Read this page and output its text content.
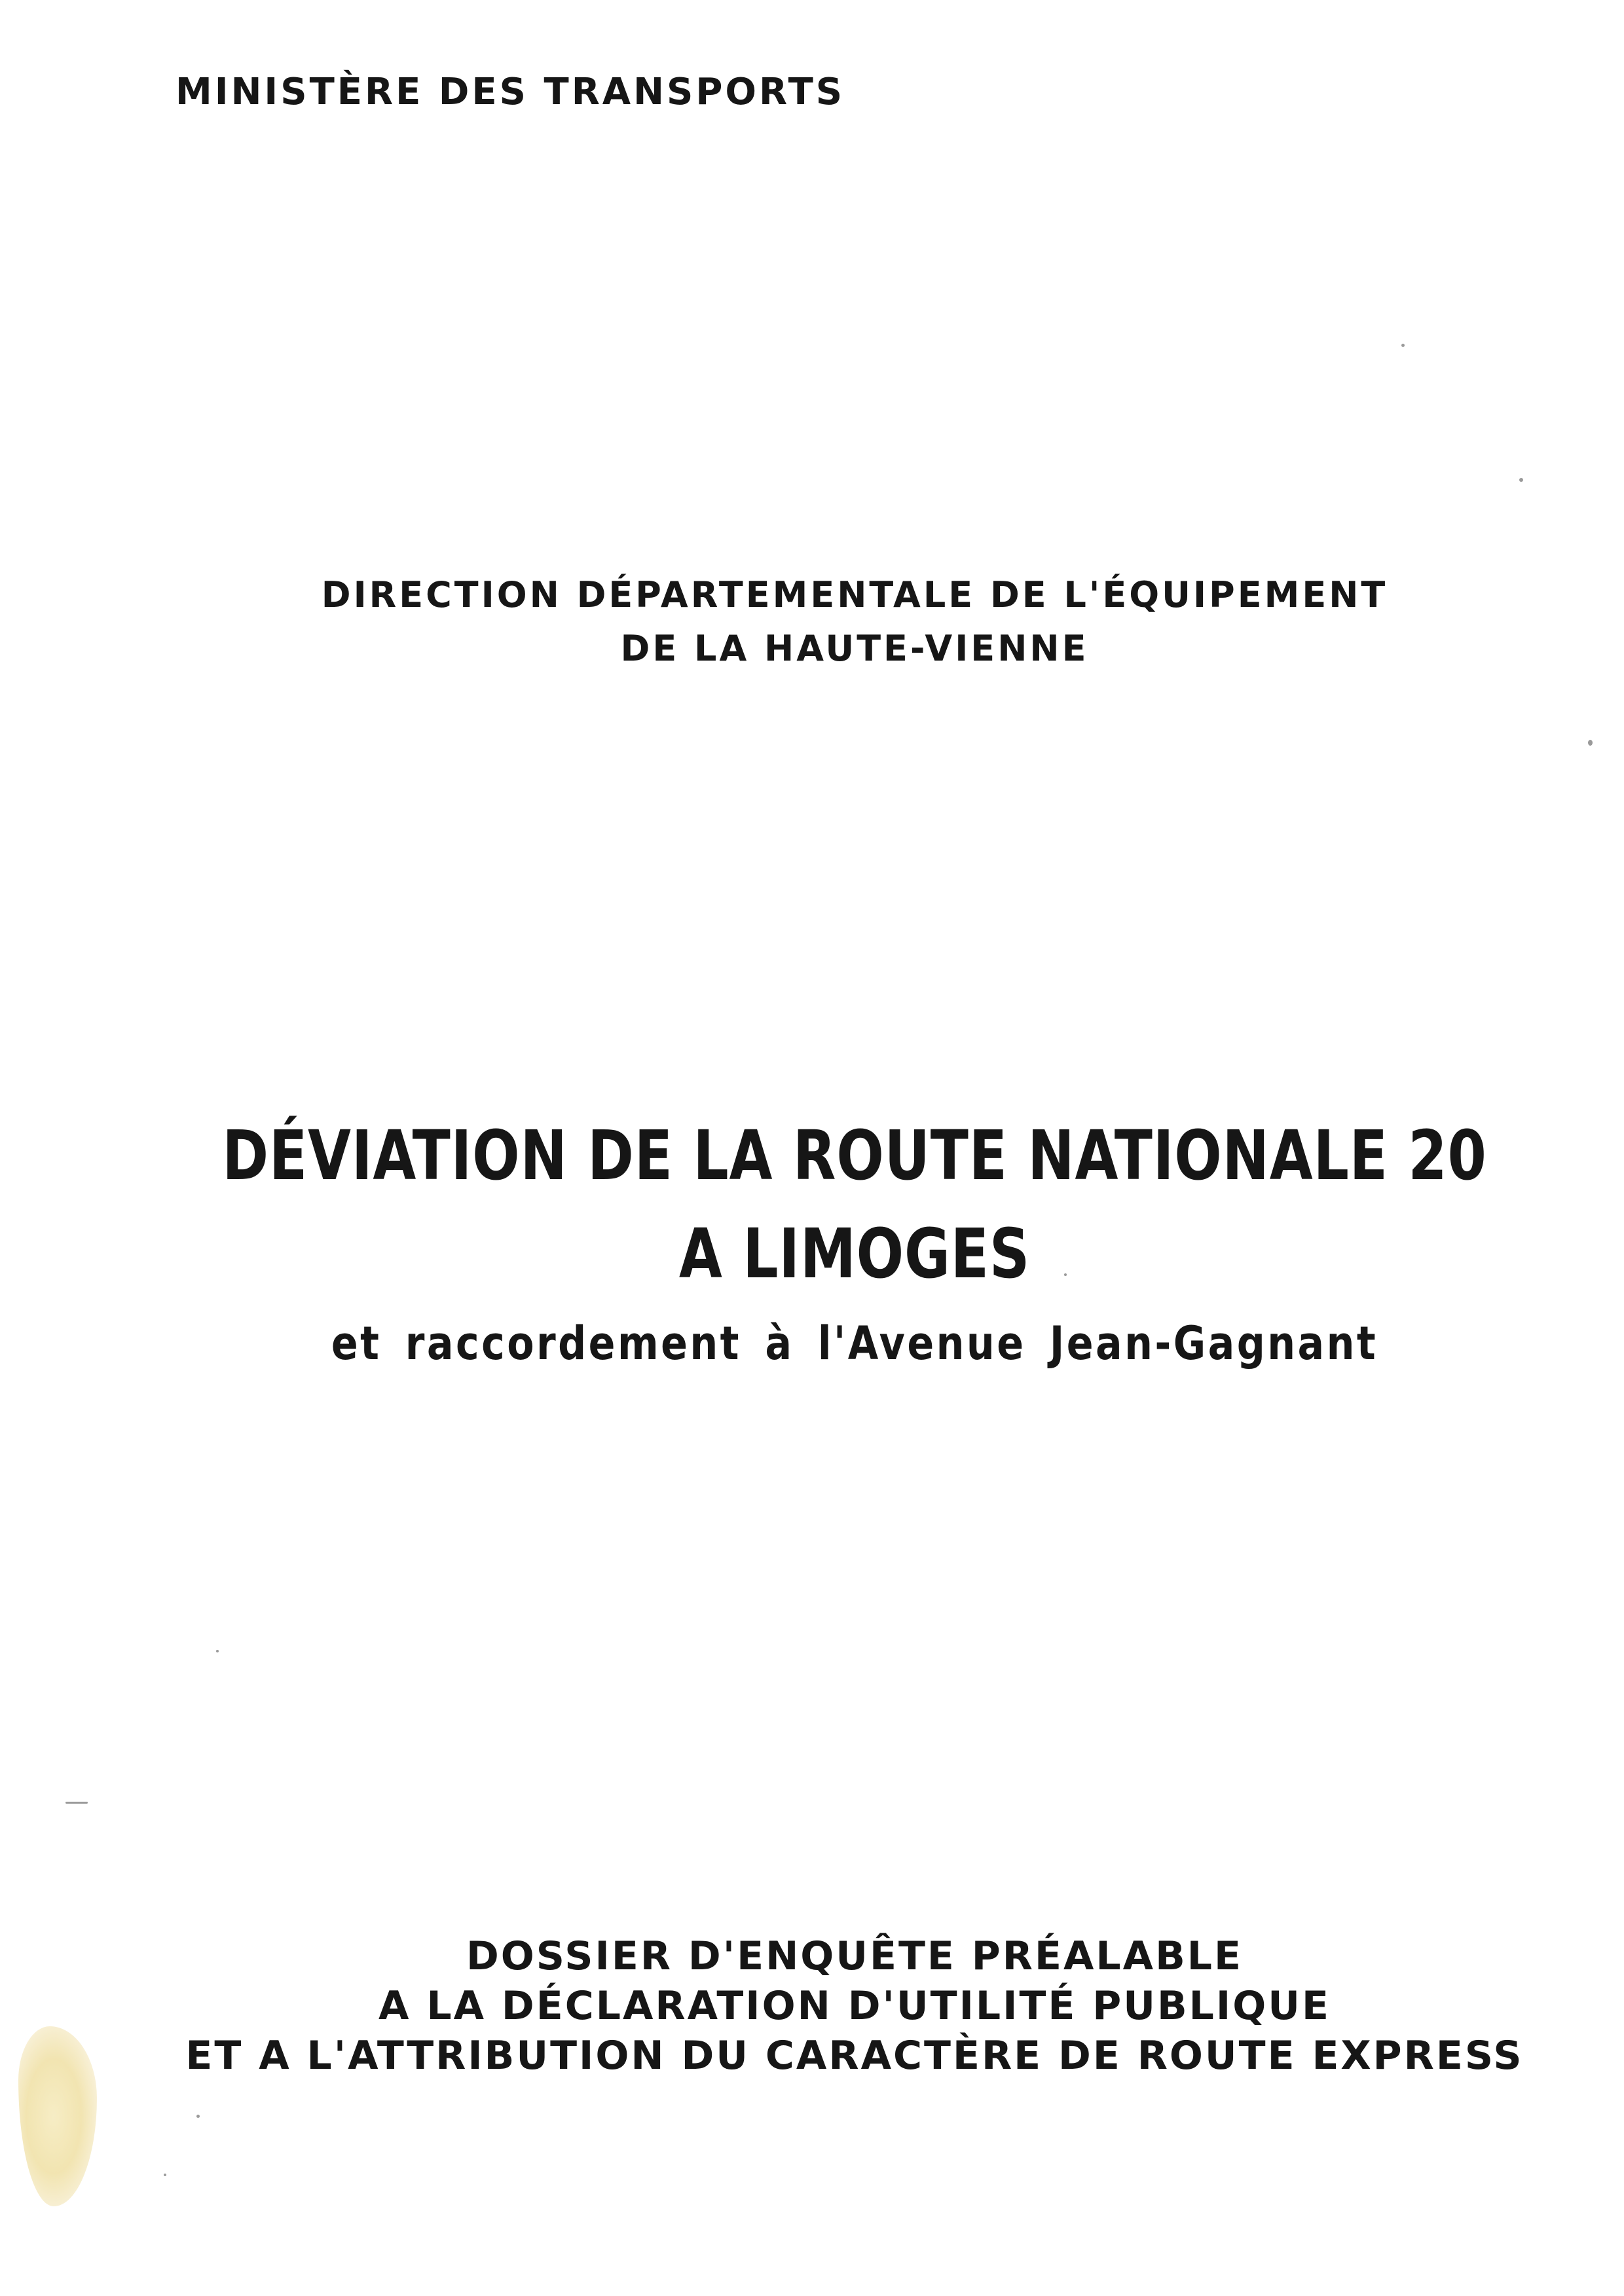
MINISTÈRE DES TRANSPORTS

DIRECTION DÉPARTEMENTALE DE L'ÉQUIPEMENT
DE LA HAUTE-VIENNE
DÉVIATION DE LA ROUTE NATIONALE 20
A LIMOGES
et raccordement à l'Avenue Jean-Gagnant
DOSSIER D'ENQUÊTE PRÉALABLE
A LA DÉCLARATION D'UTILITÉ PUBLIQUE
ET A L'ATTRIBUTION DU CARACTÈRE DE ROUTE EXPRESS
